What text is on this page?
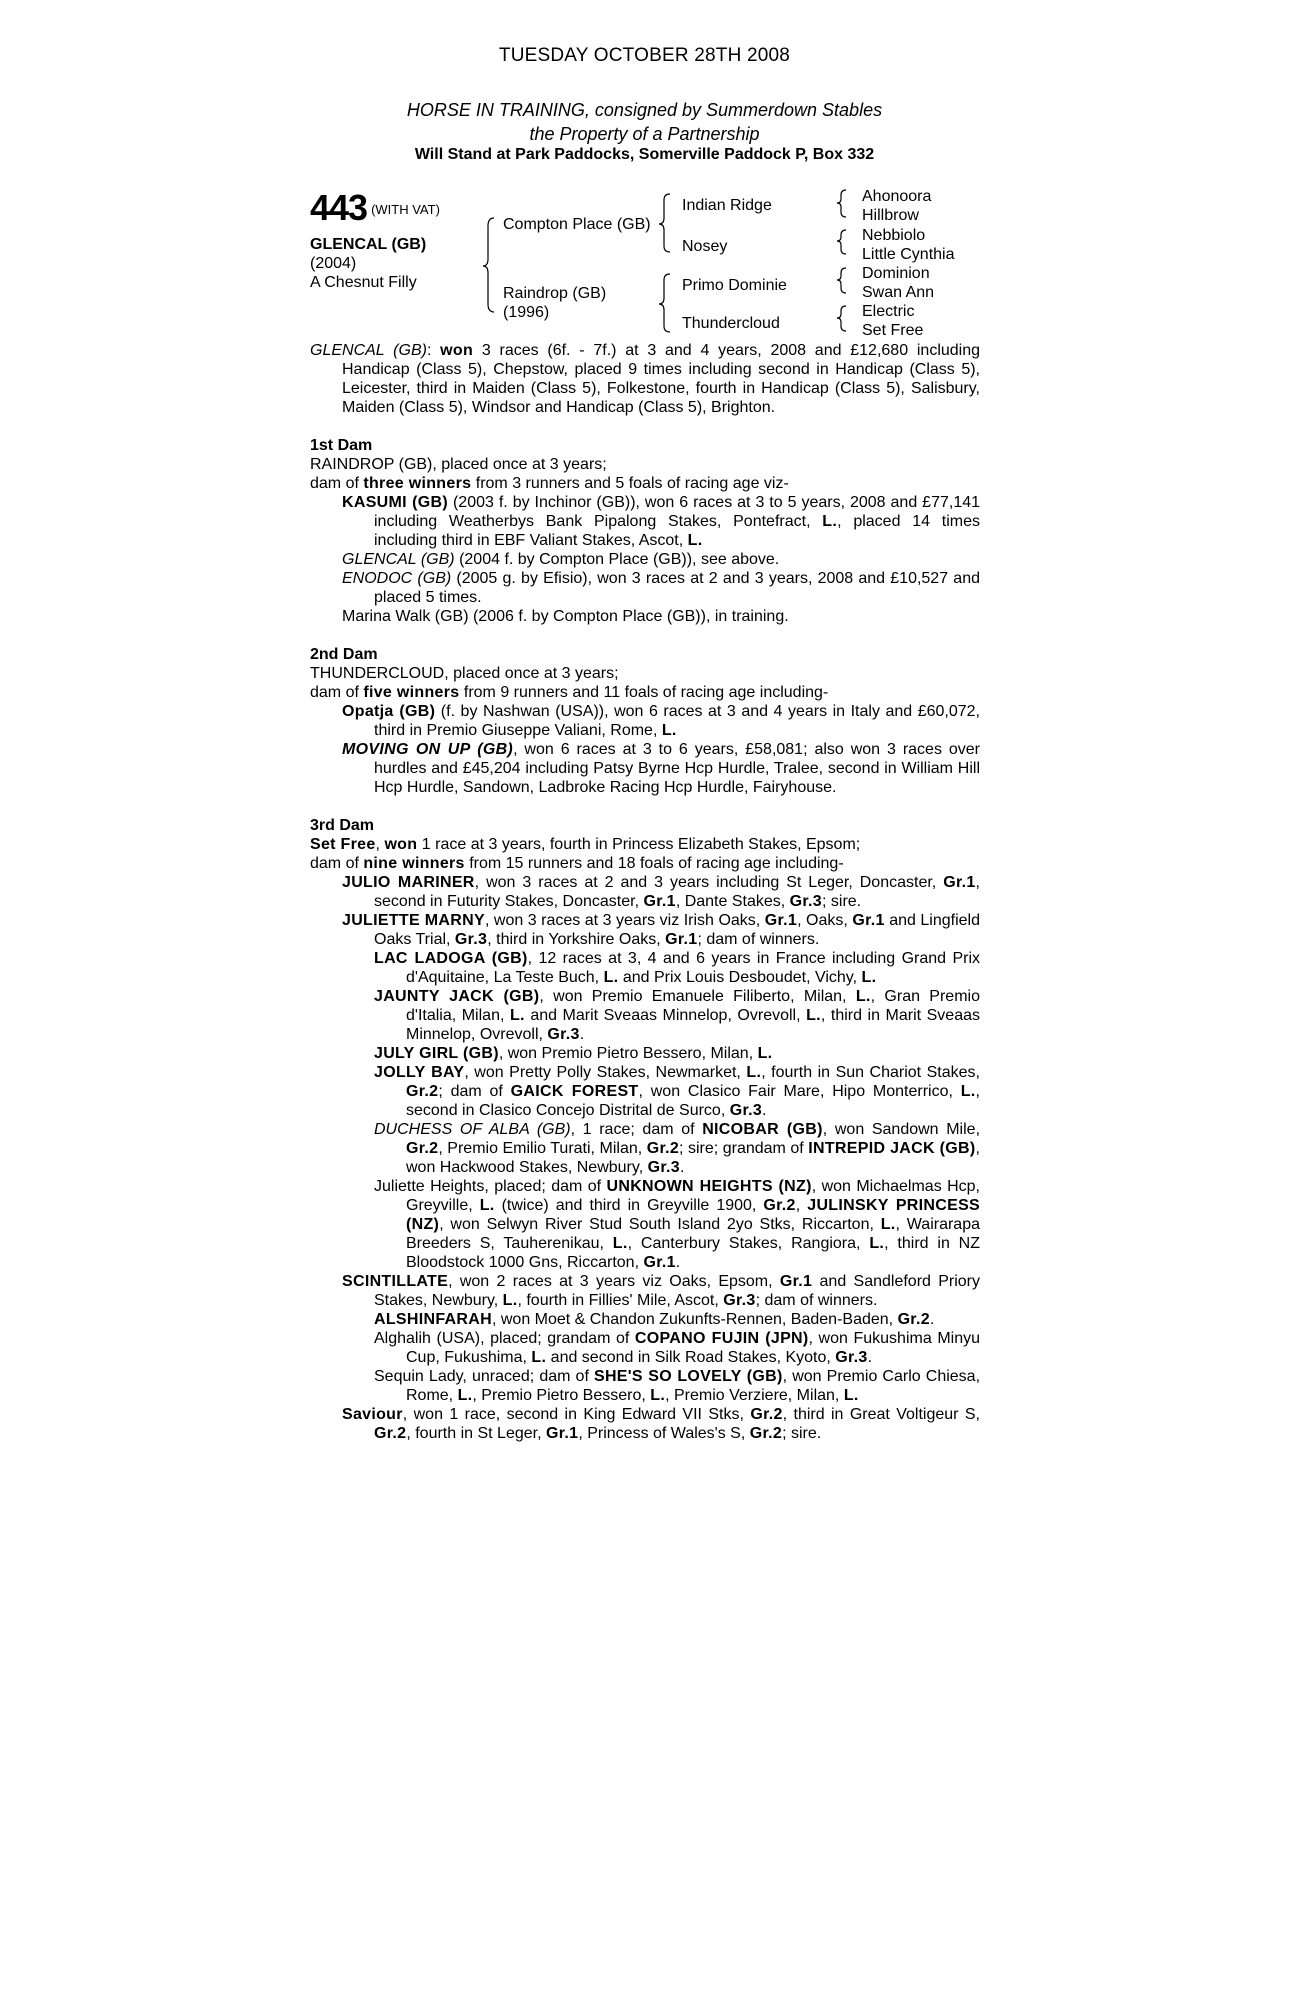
TUESDAY OCTOBER 28TH 2008
HORSE IN TRAINING, consigned by Summerdown Stables
the Property of a Partnership
Will Stand at Park Paddocks, Somerville Paddock P, Box 332
443 (WITH VAT)
GLENCAL (GB)
(2004)
A Chesnut Filly
Compton Place (GB)
Raindrop (GB)
(1996)
Indian Ridge
Nosey
Primo Dominie
Thundercloud
Ahonoora
Hillbrow
Nebbiolo
Little Cynthia
Dominion
Swan Ann
Electric
Set Free
GLENCAL (GB): won 3 races (6f. - 7f.) at 3 and 4 years, 2008 and £12,680 including Handicap (Class 5), Chepstow, placed 9 times including second in Handicap (Class 5), Leicester, third in Maiden (Class 5), Folkestone, fourth in Handicap (Class 5), Salisbury, Maiden (Class 5), Windsor and Handicap (Class 5), Brighton.
1st Dam
RAINDROP (GB), placed once at 3 years;
dam of three winners from 3 runners and 5 foals of racing age viz-
KASUMI (GB) (2003 f. by Inchinor (GB)), won 6 races at 3 to 5 years, 2008 and £77,141 including Weatherbys Bank Pipalong Stakes, Pontefract, L., placed 14 times including third in EBF Valiant Stakes, Ascot, L.
GLENCAL (GB) (2004 f. by Compton Place (GB)), see above.
ENODOC (GB) (2005 g. by Efisio), won 3 races at 2 and 3 years, 2008 and £10,527 and placed 5 times.
Marina Walk (GB) (2006 f. by Compton Place (GB)), in training.
2nd Dam
THUNDERCLOUD, placed once at 3 years;
dam of five winners from 9 runners and 11 foals of racing age including-
Opatja (GB) (f. by Nashwan (USA)), won 6 races at 3 and 4 years in Italy and £60,072, third in Premio Giuseppe Valiani, Rome, L.
MOVING ON UP (GB), won 6 races at 3 to 6 years, £58,081; also won 3 races over hurdles and £45,204 including Patsy Byrne Hcp Hurdle, Tralee, second in William Hill Hcp Hurdle, Sandown, Ladbroke Racing Hcp Hurdle, Fairyhouse.
3rd Dam
Set Free, won 1 race at 3 years, fourth in Princess Elizabeth Stakes, Epsom;
dam of nine winners from 15 runners and 18 foals of racing age including-
JULIO MARINER, won 3 races at 2 and 3 years including St Leger, Doncaster, Gr.1, second in Futurity Stakes, Doncaster, Gr.1, Dante Stakes, Gr.3; sire.
JULIETTE MARNY, won 3 races at 3 years viz Irish Oaks, Gr.1, Oaks, Gr.1 and Lingfield Oaks Trial, Gr.3, third in Yorkshire Oaks, Gr.1; dam of winners.
LAC LADOGA (GB), 12 races at 3, 4 and 6 years in France including Grand Prix d'Aquitaine, La Teste Buch, L. and Prix Louis Desboudet, Vichy, L.
JAUNTY JACK (GB), won Premio Emanuele Filiberto, Milan, L., Gran Premio d'Italia, Milan, L. and Marit Sveaas Minnelop, Ovrevoll, L., third in Marit Sveaas Minnelop, Ovrevoll, Gr.3.
JULY GIRL (GB), won Premio Pietro Bessero, Milan, L.
JOLLY BAY, won Pretty Polly Stakes, Newmarket, L., fourth in Sun Chariot Stakes, Gr.2; dam of GAICK FOREST, won Clasico Fair Mare, Hipo Monterrico, L., second in Clasico Concejo Distrital de Surco, Gr.3.
DUCHESS OF ALBA (GB), 1 race; dam of NICOBAR (GB), won Sandown Mile, Gr.2, Premio Emilio Turati, Milan, Gr.2; sire; grandam of INTREPID JACK (GB), won Hackwood Stakes, Newbury, Gr.3.
Juliette Heights, placed; dam of UNKNOWN HEIGHTS (NZ), won Michaelmas Hcp, Greyville, L. (twice) and third in Greyville 1900, Gr.2, JULINSKY PRINCESS (NZ), won Selwyn River Stud South Island 2yo Stks, Riccarton, L., Wairarapa Breeders S, Tauherenikau, L., Canterbury Stakes, Rangiora, L., third in NZ Bloodstock 1000 Gns, Riccarton, Gr.1.
SCINTILLATE, won 2 races at 3 years viz Oaks, Epsom, Gr.1 and Sandleford Priory Stakes, Newbury, L., fourth in Fillies' Mile, Ascot, Gr.3; dam of winners.
ALSHINFARAH, won Moet & Chandon Zukunfts-Rennen, Baden-Baden, Gr.2.
Alghalih (USA), placed; grandam of COPANO FUJIN (JPN), won Fukushima Minyu Cup, Fukushima, L. and second in Silk Road Stakes, Kyoto, Gr.3.
Sequin Lady, unraced; dam of SHE'S SO LOVELY (GB), won Premio Carlo Chiesa, Rome, L., Premio Pietro Bessero, L., Premio Verziere, Milan, L.
Saviour, won 1 race, second in King Edward VII Stks, Gr.2, third in Great Voltigeur S, Gr.2, fourth in St Leger, Gr.1, Princess of Wales's S, Gr.2; sire.
